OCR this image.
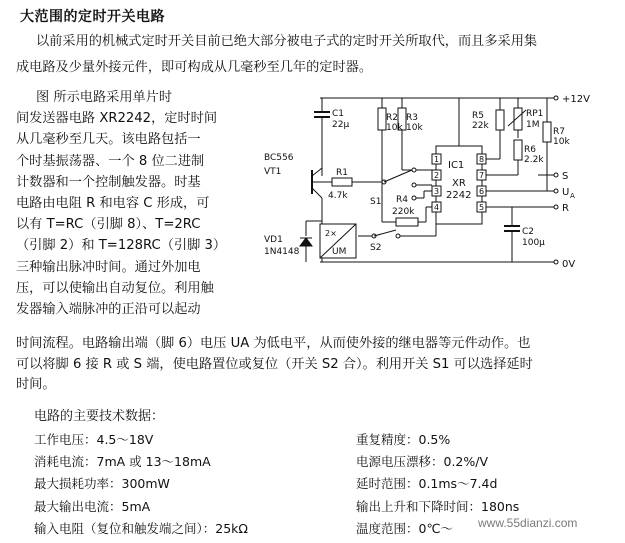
大范围的定时开关电路
以前采用的机械式定时开关目前已绝大部分被电子式的定时开关所取代，而且多采用集
成电路及少量外接元件，即可构成从几毫秒至几年的定时器。
图 所示电路采用单片时
间发送器电路 XR2242，定时时间
从几毫秒至几天。该电路包括一
个时基振荡器、一个 8 位二进制
计数器和一个控制触发器。时基
电路由电阻 R 和电容 C 形成，可
以有 T=RC（引脚 8）、T=2RC
（引脚 2）和 T=128RC（引脚 3）
三种输出脉冲时间。通过外加电
压，可以使输出自动复位。利用触
发器输入端脉冲的正沿可以起动
时间流程。电路输出端（脚 6）电压 UA 为低电平，从而使外接的继电器等元件动作。也
可以将脚 6 接 R 或 S 端，使电路置位或复位（开关 S2 合）。利用开关 S1 可以选择延时
时间。
电路的主要技术数据：
工作电压：4.5～18V
消耗电流：7mA 或 13～18mA
最大损耗功率：300mW
最大输出电流：5mA
输入电阻（复位和触发端之间）：25kΩ
重复精度：0.5%
电源电压漂移：0.2%/V
延时范围：0.1ms～7.4d
输出上升和下降时间：180ns
温度范围：0℃～
+12V
0V
C1
22μ
R2
10k
R3
10k
IC1
XR
2242
1
2
3
4
8
7
6
5
R5
22k
RP1
1M
R6
2.2k
R7
10k
U A
S
R
C2
100μ
BC556
VT1	R1
4.7k
S1 R4
220k
S2
2×
UM
VD1
1N4148
www.55dianzi.com
